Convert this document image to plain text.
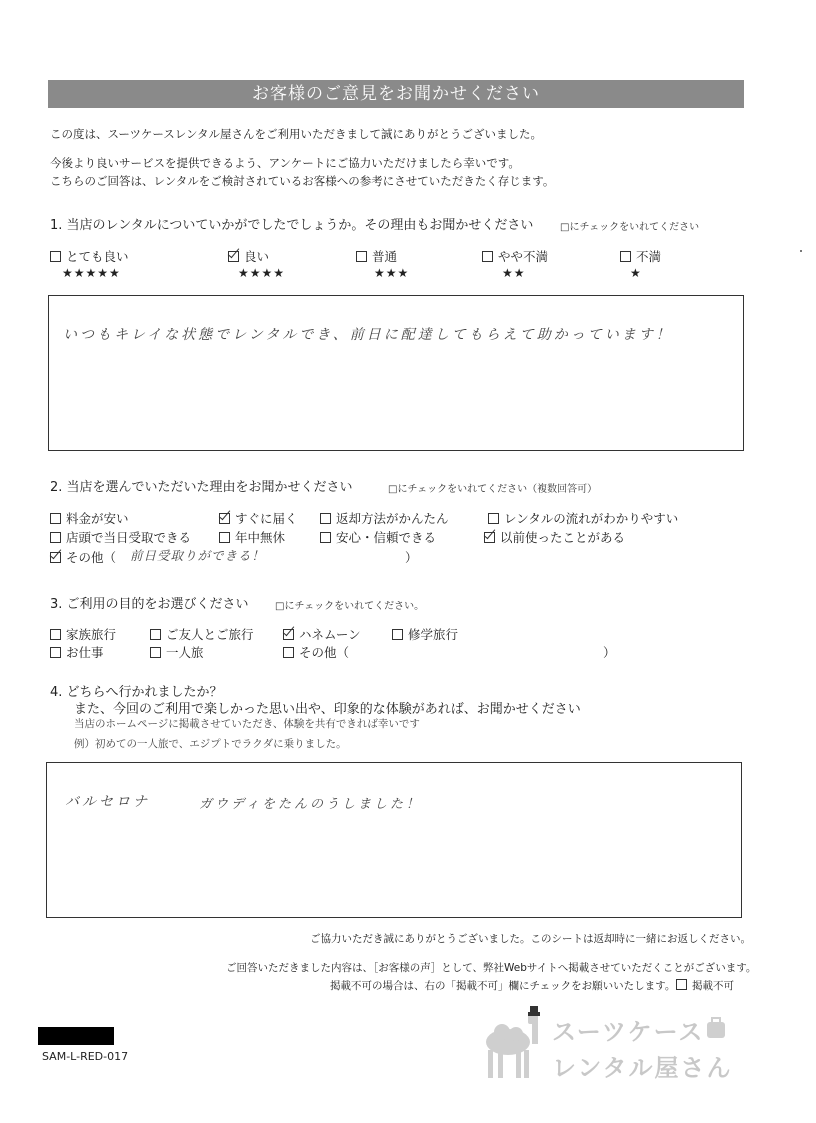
お客様のご意見をお聞かせください
この度は、スーツケースレンタル屋さんをご利用いただきまして誠にありがとうございました。
今後より良いサービスを提供できるよう、アンケートにご協力いただけましたら幸いです。
こちらのご回答は、レンタルをご検討されているお客様への参考にさせていただきたく存じます。
1. 当店のレンタルについていかがでしたでしょうか。その理由もお聞かせください	□にチェックをいれてください
とても良い	良い	普通	やや不満	不満
★★★★★	★★★★	★★★	★★	★
いつもキレイな状態でレンタルでき、前日に配達してもらえて助かっています！
2. 当店を選んでいただいた理由をお聞かせください	□にチェックをいれてください（複数回答可）
料金が安い	すぐに届く	返却方法がかんたん	レンタルの流れがわかりやすい
店頭で当日受取できる	年中無休	安心・信頼できる	以前使ったことがある
その他（ 前日受取りができる！	）
3. ご利用の目的をお選びください	□にチェックをいれてください。
家族旅行	ご友人とご旅行	ハネムーン	修学旅行
お仕事	一人旅	その他（	）
4. どちらへ行かれましたか？
また、今回のご利用で楽しかった思い出や、印象的な体験があれば、お聞かせください
当店のホームページに掲載させていただき、体験を共有できれば幸いです
例）初めての一人旅で、エジプトでラクダに乗りました。
バルセロナ	ガウディをたんのうしました！
ご協力いただき誠にありがとうございました。このシートは返却時に一緒にお返しください。
ご回答いただきました内容は、［お客様の声］として、弊社Webサイトへ掲載させていただくことがございます。
掲載不可の場合は、右の「掲載不可」欄にチェックをお願いいたします。	掲載不可
SAM-L-RED-017
スーツケース
レンタル屋さん
